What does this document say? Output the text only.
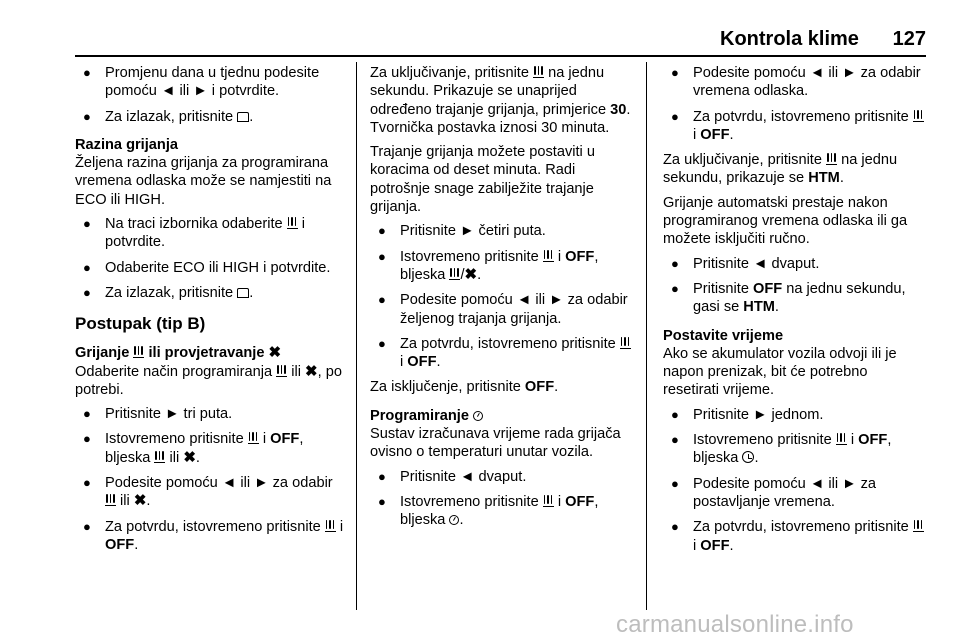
Kontrola klime 127
● Promjenu dana u tjednu podesite pomoću ◄ ili ► i potvrdite.
● Za izlazak, pritisnite .
Razina grijanja
Željena razina grijanja za programirana vremena odlaska može se namjestiti na ECO ili HIGH.
● Na traci izbornika odaberite
i potvrdite.
● Odaberite ECO ili HIGH i potvrdite.
● Za izlazak, pritisnite .
Postupak (tip B)
Grijanje
ili provjetravanje ✖
Odaberite način programiranja
ili ✖, po potrebi.
● Pritisnite ► tri puta.
● Istovremeno pritisnite
i OFF, bljeska
ili ✖.
● Podesite pomoću ◄ ili ► za odabir
ili ✖.
● Za potvrdu, istovremeno pritisnite
i OFF.
Za uključivanje, pritisnite
na jednu sekundu. Prikazuje se unaprijed određeno trajanje grijanja, primjerice 30. Tvornička postavka iznosi 30 minuta.
Trajanje grijanja možete postaviti u koracima od deset minuta. Radi potrošnje snage zabilježite trajanje grijanja.
● Pritisnite ► četiri puta.
● Istovremeno pritisnite
i OFF, bljeska
/✖.
● Podesite pomoću ◄ ili ► za odabir željenog trajanja grijanja.
● Za potvrdu, istovremeno pritisnite
i OFF.
Za isključenje, pritisnite OFF.
Programiranje
Sustav izračunava vrijeme rada grijača ovisno o temperaturi unutar vozila.
● Pritisnite ◄ dvaput.
● Istovremeno pritisnite
i OFF, bljeska .
● Podesite pomoću ◄ ili ► za odabir vremena odlaska.
● Za potvrdu, istovremeno pritisnite
i OFF.
Za uključivanje, pritisnite
na jednu sekundu, prikazuje se HTM.
Grijanje automatski prestaje nakon programiranog vremena odlaska ili ga možete isključiti ručno.
● Pritisnite ◄ dvaput.
● Pritisnite OFF na jednu sekundu, gasi se HTM.
Postavite vrijeme
Ako se akumulator vozila odvoji ili je napon prenizak, bit će potrebno resetirati vrijeme.
● Pritisnite ► jednom.
● Istovremeno pritisnite
i OFF, bljeska .
● Podesite pomoću ◄ ili ► za postavljanje vremena.
● Za potvrdu, istovremeno pritisnite
i OFF.
carmanualsonline.info
